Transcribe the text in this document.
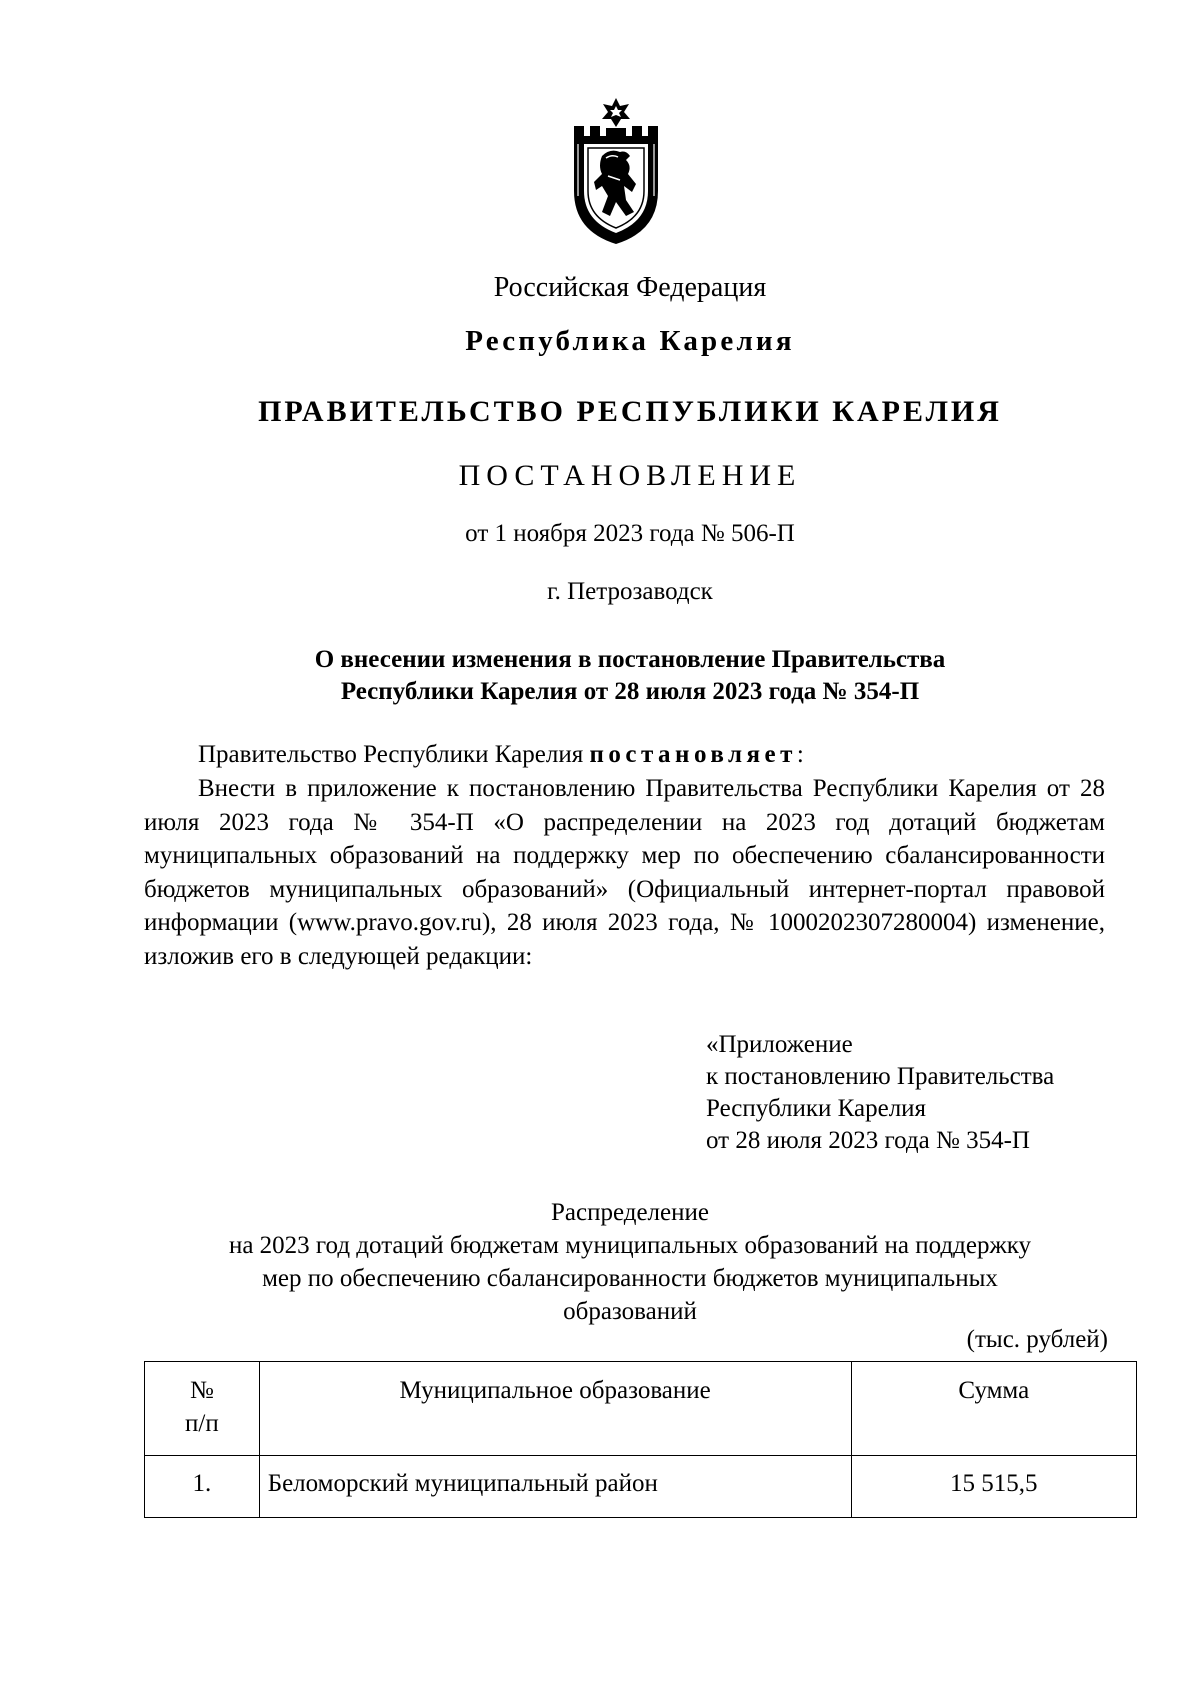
Российская Федерация
Республика Карелия
ПРАВИТЕЛЬСТВО РЕСПУБЛИКИ КАРЕЛИЯ
ПОСТАНОВЛЕНИЕ
от 1 ноября 2023 года № 506-П
г. Петрозаводск
О внесении изменения в постановление Правительства
Республики Карелия от 28 июля 2023 года № 354-П
Правительство Республики Карелия постановляет:
Внести в приложение к постановлению Правительства Республики Карелия от 28 июля 2023 года № 354-П «О распределении на 2023 год дотаций бюджетам муниципальных образований на поддержку мер по обеспечению сбалансированности бюджетов муниципальных образований» (Официальный интернет-портал правовой информации (www.pravo.gov.ru), 28 июля 2023 года, № 1000202307280004) изменение, изложив его в следующей редакции:
«Приложение
к постановлению Правительства
Республики Карелия
от 28 июля 2023 года № 354-П
Распределение
на 2023 год дотаций бюджетам муниципальных образований на поддержку
мер по обеспечению сбалансированности бюджетов муниципальных
образований
(тыс. рублей)
№
п/п	Муниципальное образование	Сумма

1.	Беломорский муниципальный район	15 515,5
